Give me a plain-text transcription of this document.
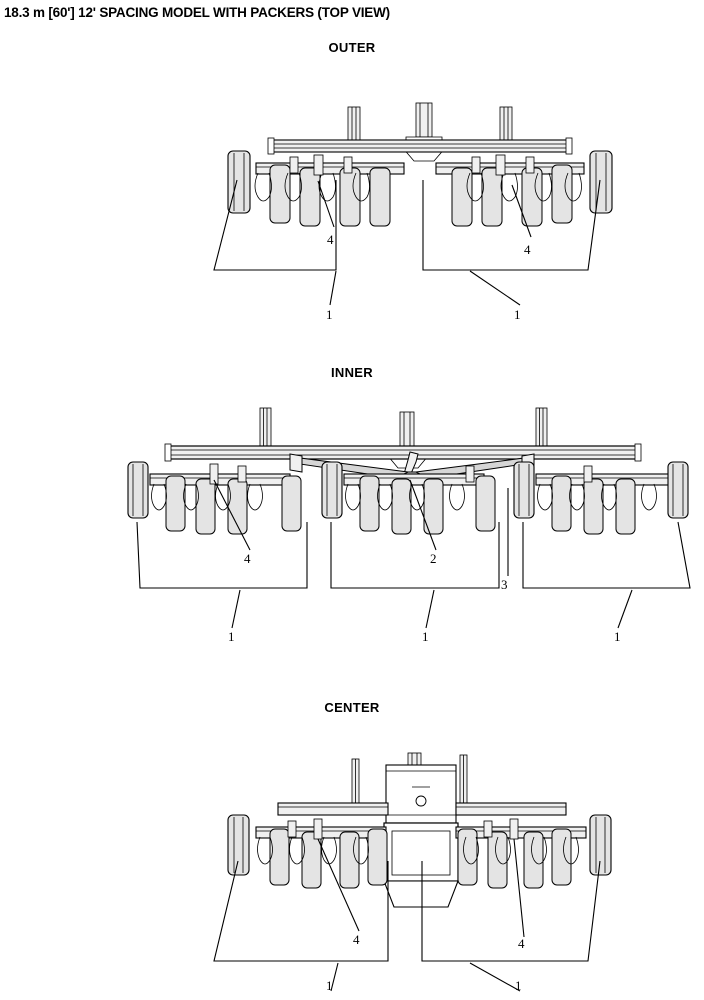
18.3 m [60'] 12' SPACING MODEL WITH PACKERS (TOP VIEW)
OUTER
4
4
1	1
INNER
4	2
3
1	1	1
CENTER
4	4
1	1
